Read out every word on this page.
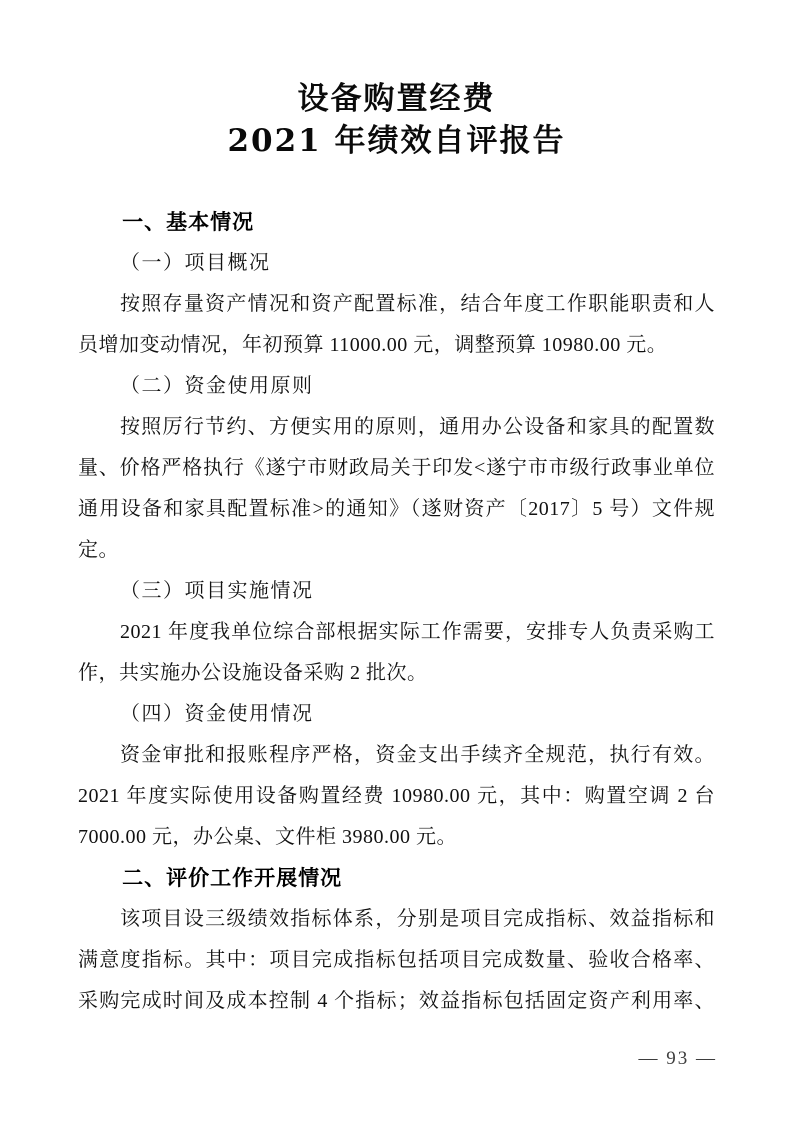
设备购置经费
2021 年绩效自评报告
一、基本情况
（一）项目概况
按照存量资产情况和资产配置标准，结合年度工作职能职责和人
员增加变动情况，年初预算 11000.00 元，调整预算 10980.00 元。
（二）资金使用原则
按照厉行节约、方便实用的原则，通用办公设备和家具的配置数
量、价格严格执行《遂宁市财政局关于印发<遂宁市市级行政事业单位
通用设备和家具配置标准>的通知》（遂财资产〔2017〕5 号）文件规
定。
（三）项目实施情况
2021 年度我单位综合部根据实际工作需要，安排专人负责采购工
作，共实施办公设施设备采购 2 批次。
（四）资金使用情况
资金审批和报账程序严格，资金支出手续齐全规范，执行有效。
2021 年度实际使用设备购置经费 10980.00 元，其中：购置空调 2 台
7000.00 元，办公桌、文件柜 3980.00 元。
二、评价工作开展情况
该项目设三级绩效指标体系，分别是项目完成指标、效益指标和
满意度指标。其中：项目完成指标包括项目完成数量、验收合格率、
采购完成时间及成本控制 4 个指标；效益指标包括固定资产利用率、
— 93 —
